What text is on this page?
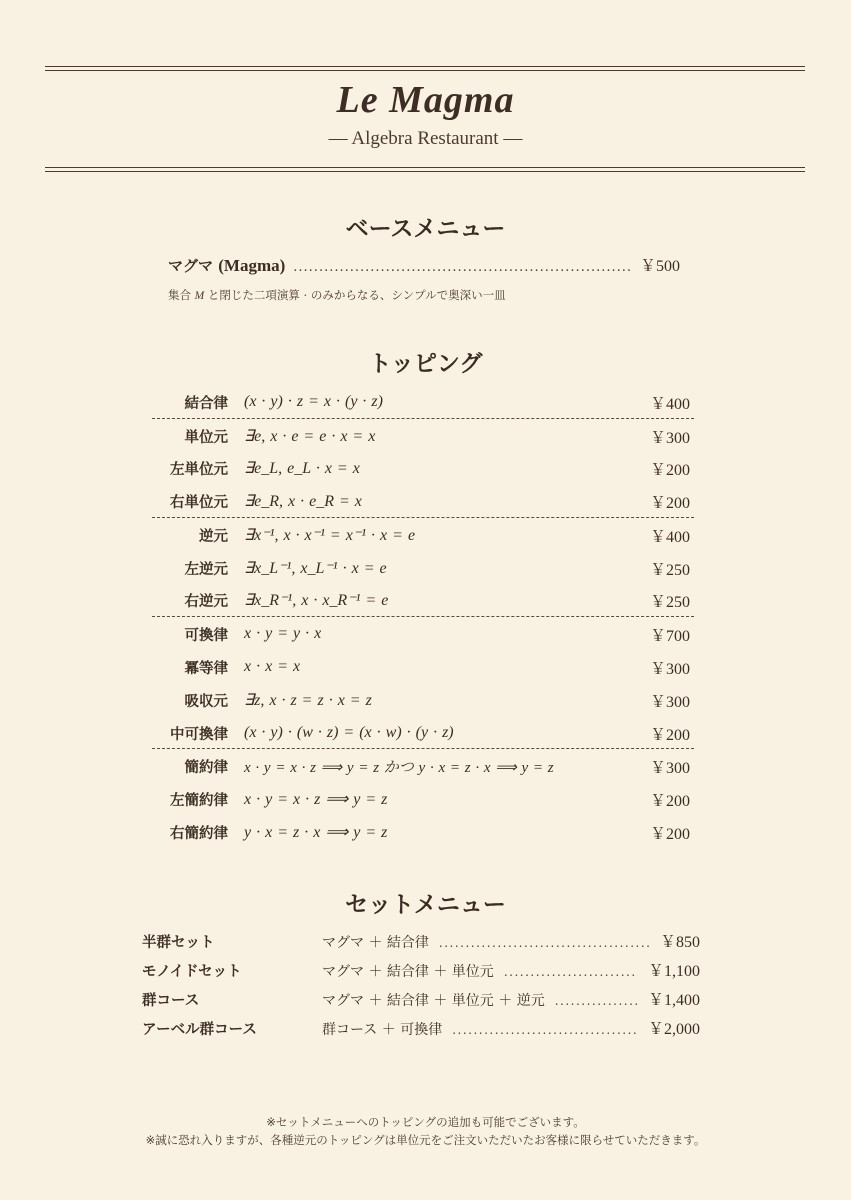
Le Magma
— Algebra Restaurant —
ベースメニュー
マグマ (Magma) .....	￥500
集合 M と閉じた二項演算 · のみからなる、シンプルで奥深い一皿
トッピング
結合律 (x · y) · z = x · (y · z)	￥400
単位元 ∃e, x · e = e · x = x	￥300
左単位元 ∃e_L, e_L · x = x	￥200
右単位元 ∃e_R, x · e_R = x	￥200
逆元 ∃x⁻¹, x · x⁻¹ = x⁻¹ · x = e	￥400
左逆元 ∃x_L⁻¹, x_L⁻¹ · x = e	￥250
右逆元 ∃x_R⁻¹, x · x_R⁻¹ = e	￥250
可換律 x · y = y · x	￥700
冪等律 x · x = x	￥300
吸収元 ∃z, x · z = z · x = z	￥300
中可換律 (x · y) · (w · z) = (x · w) · (y · z)	￥200
簡約律 x · y = x · z ⟹ y = z かつ y · x = z · x ⟹ y = z	￥300
左簡約律 x · y = x · z ⟹ y = z	￥200
右簡約律 y · x = z · x ⟹ y = z	￥200
セットメニュー
半群セット	マグマ ＋ 結合律 .....	￥850
モノイドセット	マグマ ＋ 結合律 ＋ 単位元 .....	￥1,100
群コース	マグマ ＋ 結合律 ＋ 単位元 ＋ 逆元 .....	￥1,400
アーベル群コース	群コース ＋ 可換律 .....	￥2,000
※セットメニューへのトッピングの追加も可能でございます。
※誠に恐れ入りますが、各種逆元のトッピングは単位元をご注文いただいたお客様に限らせていただきます。
